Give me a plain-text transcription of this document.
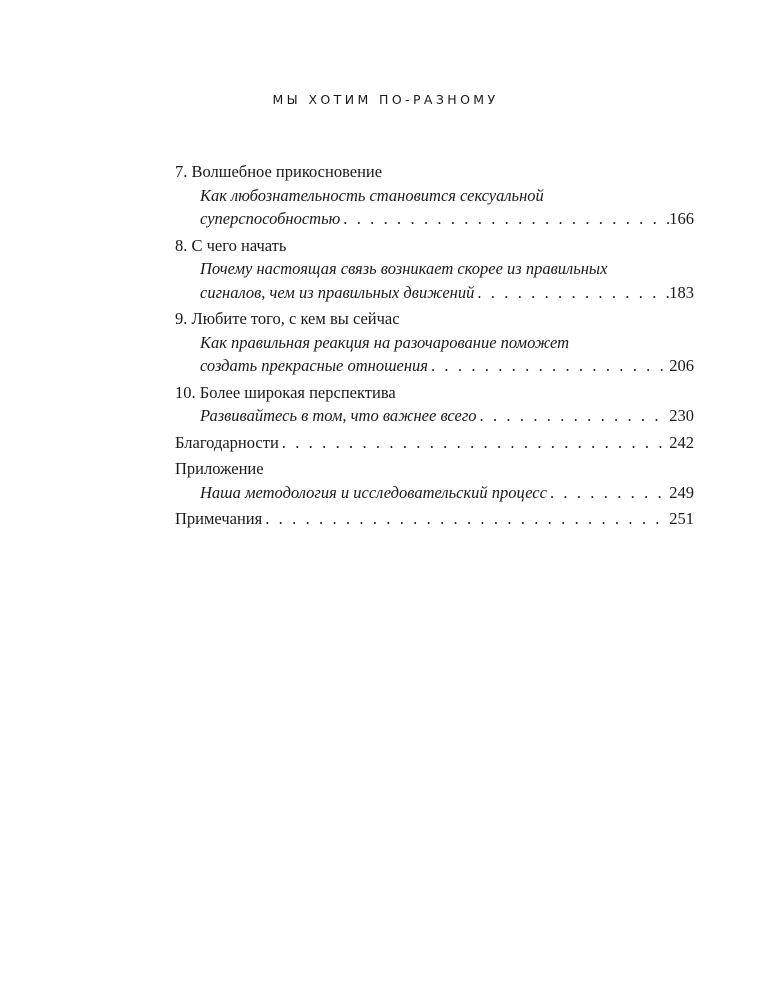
МЫ ХОТИМ ПО-РАЗНОМУ
7. Волшебное прикосновение
Как любознательность становится сексуальной
суперспособностью . . .	166
8. С чего начать
Почему настоящая связь возникает скорее из правильных
сигналов, чем из правильных движений . . .	183
9. Любите того, с кем вы сейчас
Как правильная реакция на разочарование поможет
создать прекрасные отношения . . .	206
10. Более широкая перспектива
Развивайтесь в том, что важнее всего . . .	230
Благодарности . . .	242
Приложение
Наша методология и исследовательский процесс . . .	249
Примечания . . .	251
